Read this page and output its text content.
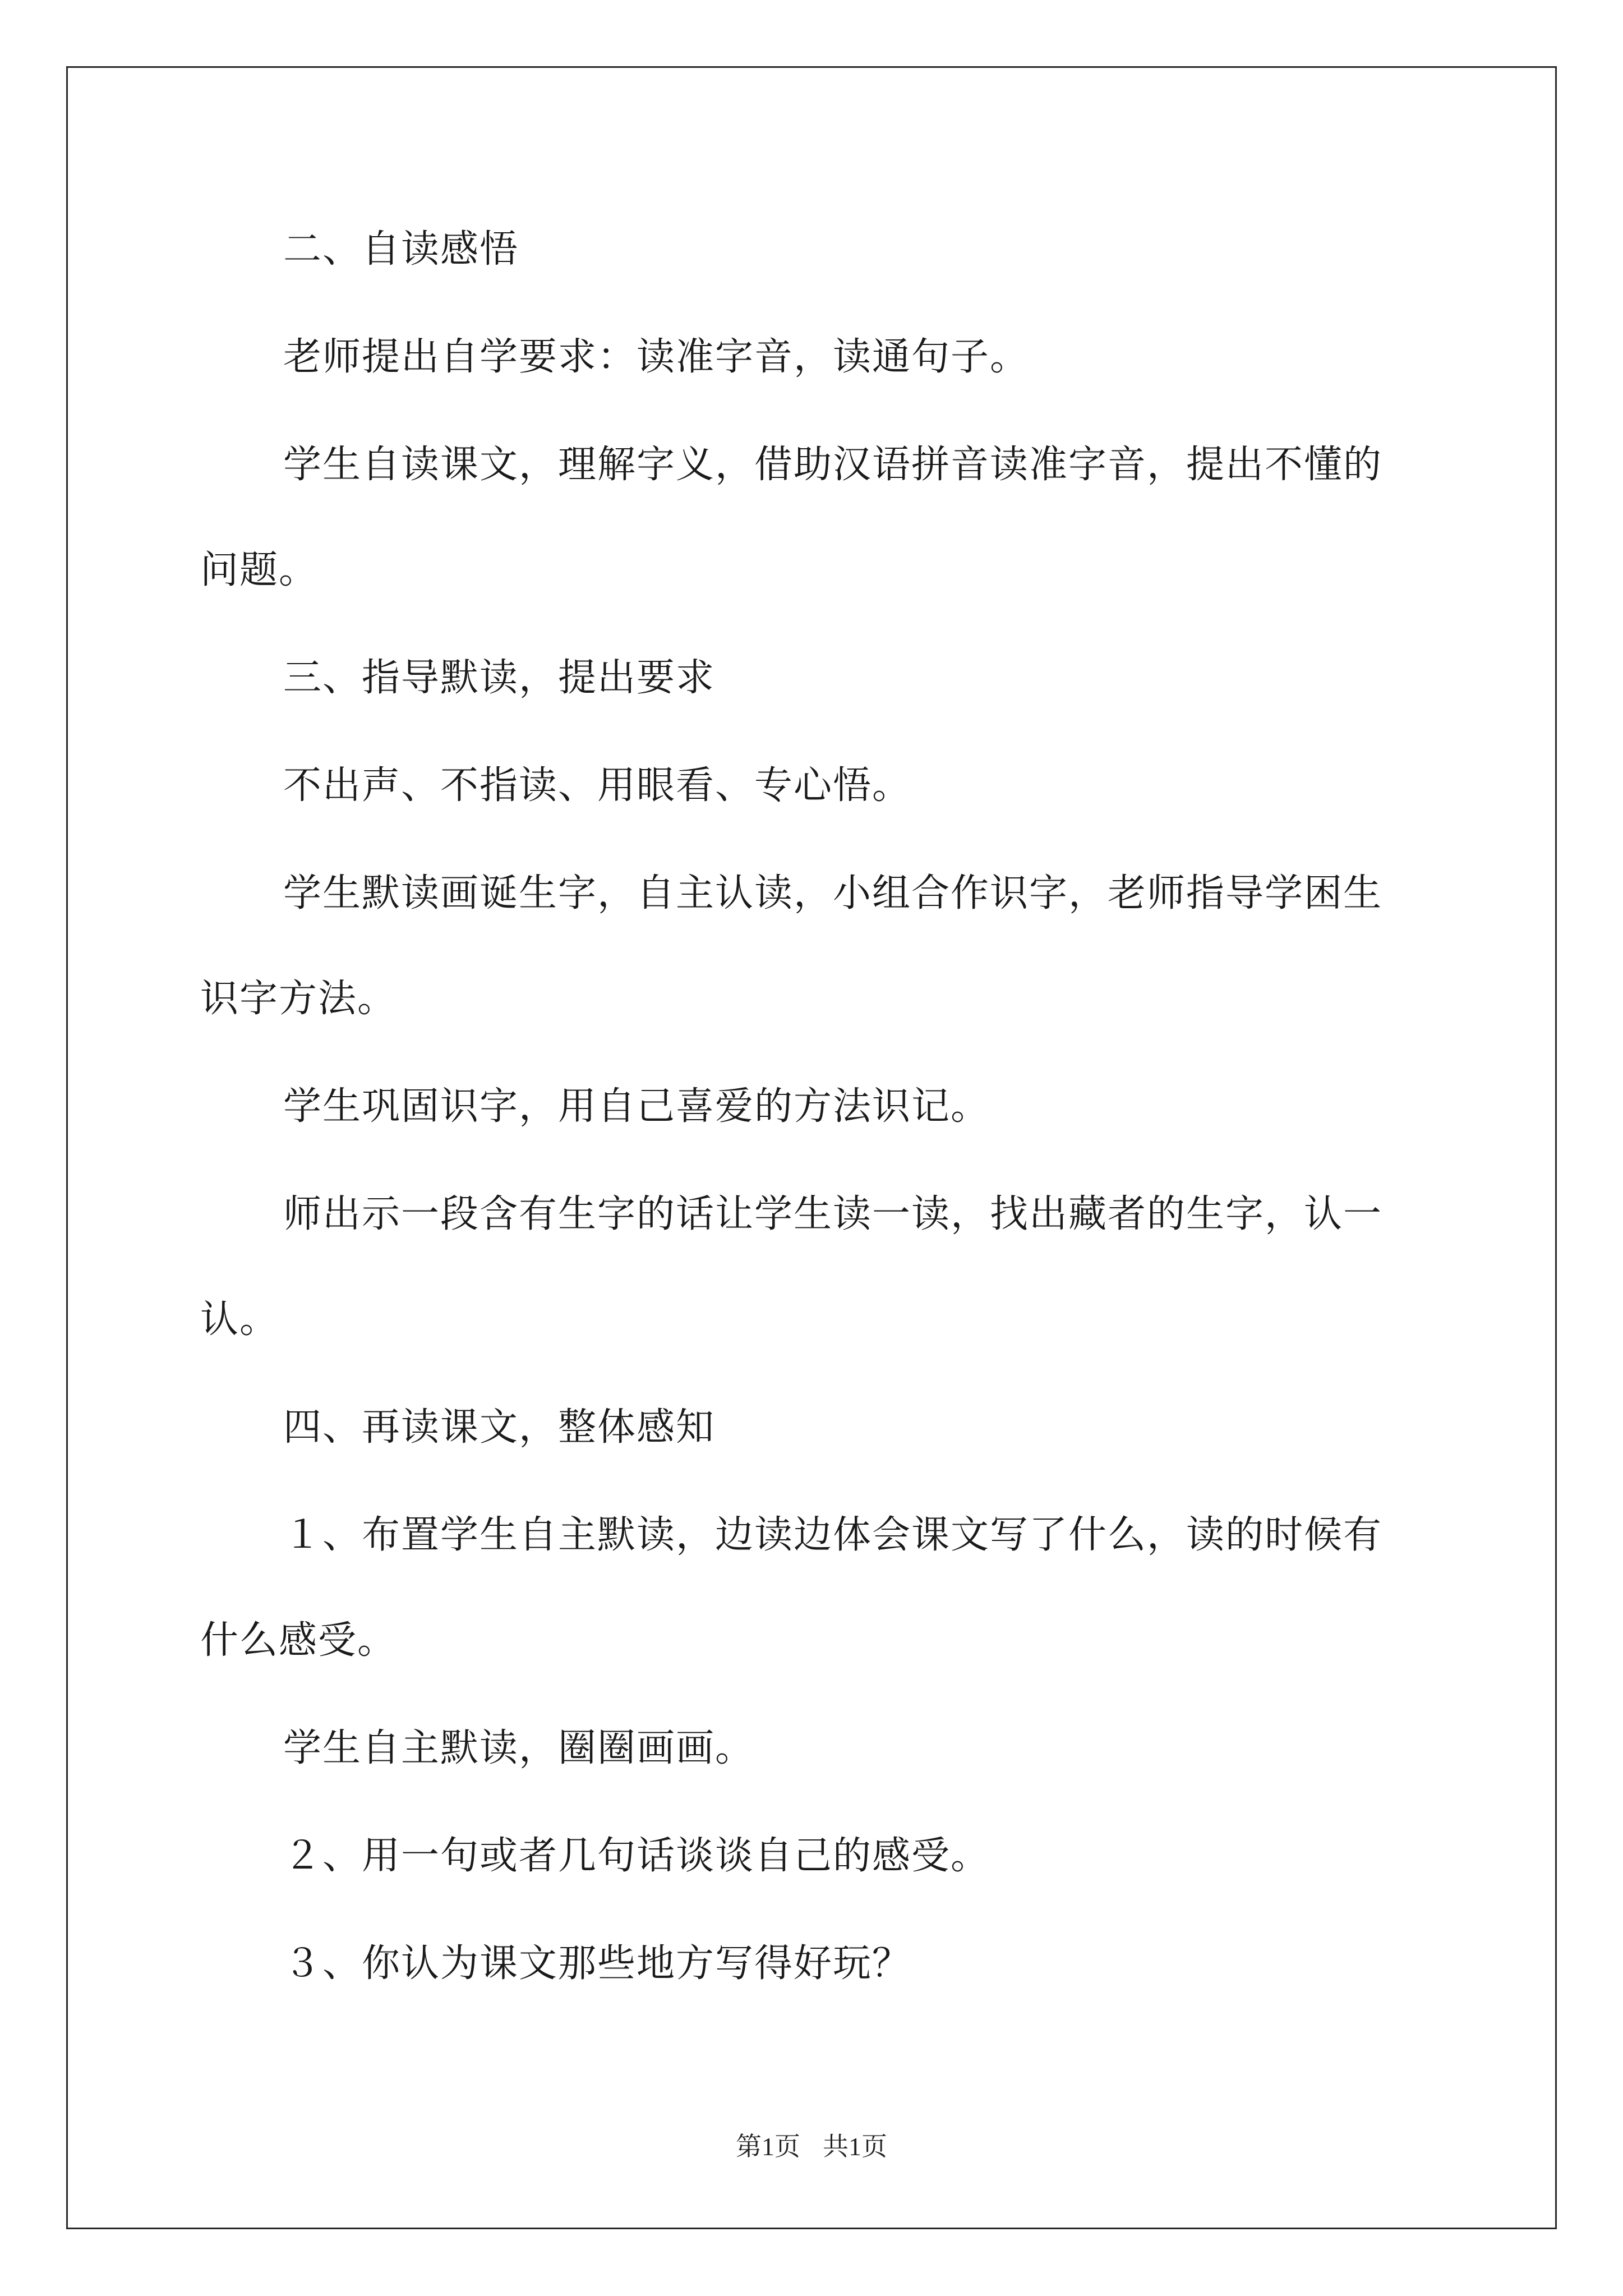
二、自读感悟

老师提出自学要求：读准字音，读通句子。

学生自读课文，理解字义，借助汉语拼音读准字音，提出不懂的

问题。

三、指导默读，提出要求

不出声、不指读、用眼看、专心悟。

学生默读画诞生字，自主认读，小组合作识字，老师指导学困生

识字方法。

学生巩固识字，用自己喜爱的方法识记。

师出示一段含有生字的话让学生读一读，找出藏者的生字，认一

认。

四、再读课文，整体感知

１、布置学生自主默读，边读边体会课文写了什么，读的时候有

什么感受。

学生自主默读，圈圈画画。

２、用一句或者几句话谈谈自己的感受。

３、你认为课文那些地方写得好玩？

第1页 共1页
